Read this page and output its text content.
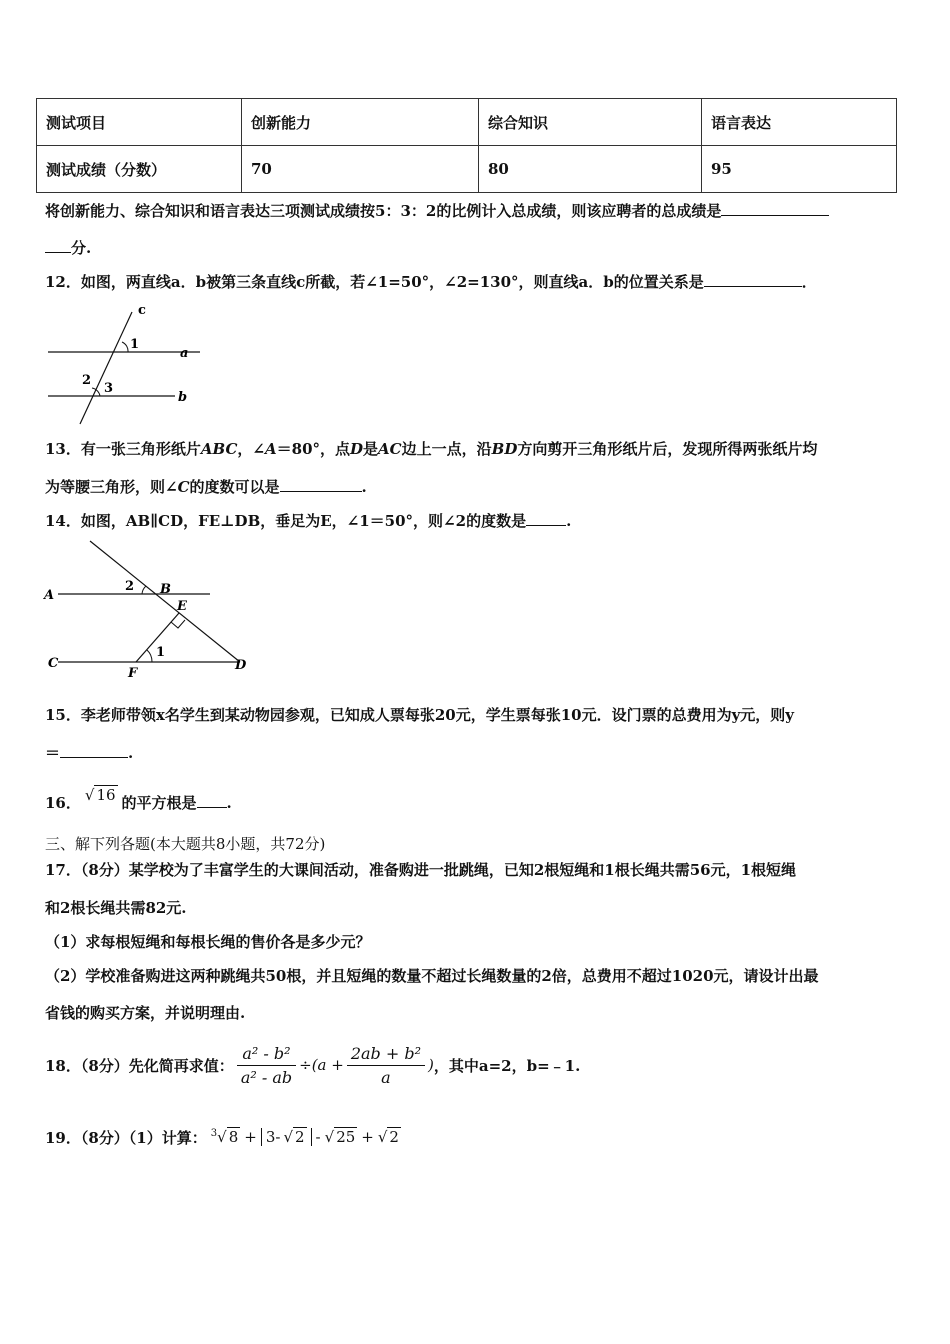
测试项目	创新能力	综合知识	语言表达
测试成绩（分数）	70	80	95
将创新能力、综合知识和语言表达三项测试成绩按5：3：2的比例计入总成绩，则该应聘者的总成绩是
分.
12．如图，两直线a．b被第三条直线c所截，若∠1=50°，∠2=130°，则直线a．b的位置关系是	．
c
1
a
2
3
b
13．有一张三角形纸片ABC，∠A＝80°，点D是AC边上一点，沿BD方向剪开三角形纸片后，发现所得两张纸片均
为等腰三角形，则∠C的度数可以是	.
14．如图，AB∥CD，FE⊥DB，垂足为E，∠1＝50°，则∠2的度数是	.
A
2 B
E
1
C
F
D
15．李老师带领x名学生到某动物园参观，已知成人票每张20元，学生票每张10元．设门票的总费用为y元，则y
＝	.
16． √ 16 的平方根是 .
三、解下列各题(本大题共8小题，共72分)
17．（8分）某学校为了丰富学生的大课间活动，准备购进一批跳绳，已知2根短绳和1根长绳共需56元，1根短绳
和2根长绳共需82元.
（1）求每根短绳和每根长绳的售价各是多少元？
（2）学校准备购进这两种跳绳共50根，并且短绳的数量不超过长绳数量的2倍，总费用不超过1020元，请设计出最
省钱的购买方案，并说明理由.
18．（8分）先化简再求值： $\frac{\text{a² - b²}}{\text{a² - ab}} \div(a + \frac{\text{2ab + b²}}{a}$ ) ，其中a=2，b=﹣1.
19．（8分）（1）计算： $^3$√ 8 + 3- √ 2 - √ 25 + √ 2
